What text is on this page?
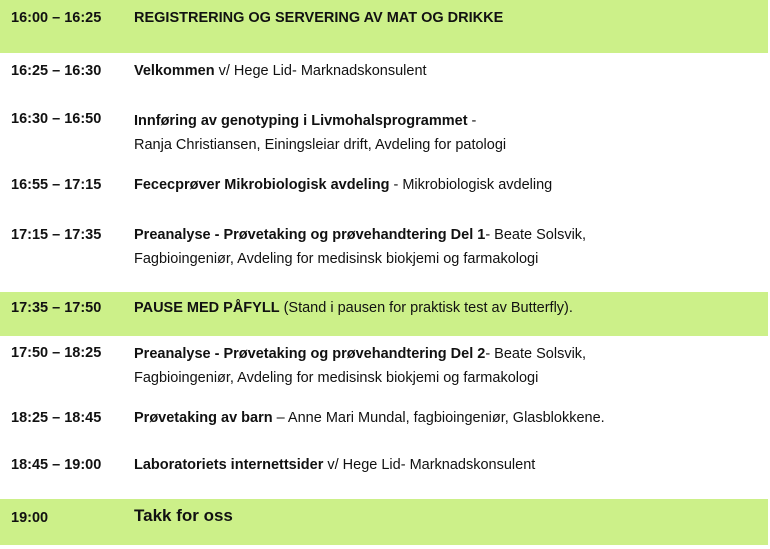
16:00 – 16:25 REGISTRERING OG SERVERING AV MAT OG DRIKKE
16:25 – 16:30 Velkommen v/ Hege Lid- Marknadskonsulent
16:30 – 16:50 Innføring av genotyping i Livmohalsprogrammet -
Ranja Christiansen, Einingsleiar drift, Avdeling for patologi
16:55 – 17:15 Fececprøver Mikrobiologisk avdeling - Mikrobiologisk avdeling
17:15 – 17:35 Preanalyse - Prøvetaking og prøvehandtering Del 1- Beate Solsvik,
Fagbioingeniør, Avdeling for medisinsk biokjemi og farmakologi
17:35 – 17:50 PAUSE MED PÅFYLL (Stand i pausen for praktisk test av Butterfly).
17:50 – 18:25 Preanalyse - Prøvetaking og prøvehandtering Del 2- Beate Solsvik,
Fagbioingeniør, Avdeling for medisinsk biokjemi og farmakologi
18:25 – 18:45 Prøvetaking av barn – Anne Mari Mundal, fagbioingeniør, Glasblokkene.
18:45 – 19:00 Laboratoriets internettsider v/ Hege Lid- Marknadskonsulent
19:00	Takk for oss
